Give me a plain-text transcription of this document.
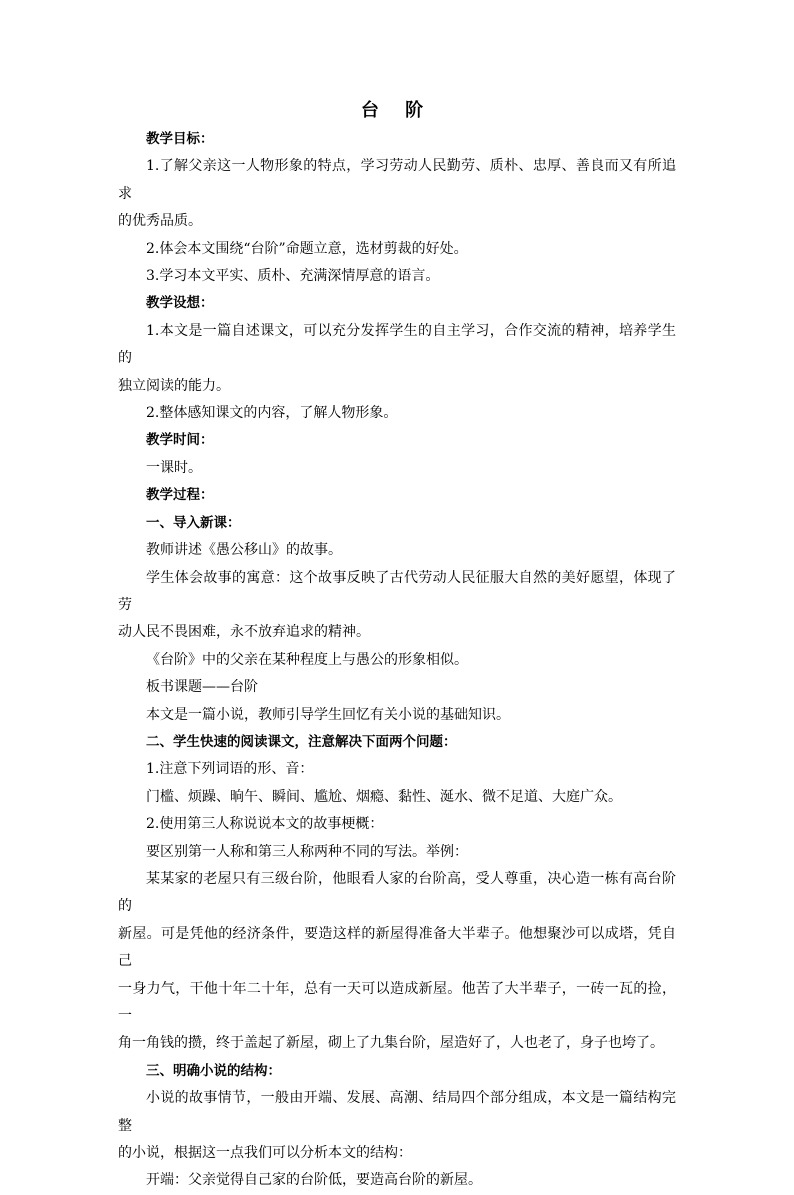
台 阶
教学目标：
1.了解父亲这一人物形象的特点，学习劳动人民勤劳、质朴、忠厚、善良而又有所追求
的优秀品质。
2.体会本文围绕“台阶”命题立意，选材剪裁的好处。
3.学习本文平实、质朴、充满深情厚意的语言。
教学设想：
1.本文是一篇自述课文，可以充分发挥学生的自主学习，合作交流的精神，培养学生的
独立阅读的能力。
2.整体感知课文的内容，了解人物形象。
教学时间：
一课时。
教学过程：
一、导入新课：
教师讲述《愚公移山》的故事。
学生体会故事的寓意：这个故事反映了古代劳动人民征服大自然的美好愿望，体现了劳
动人民不畏困难，永不放弃追求的精神。
《台阶》中的父亲在某种程度上与愚公的形象相似。
板书课题——台阶
本文是一篇小说，教师引导学生回忆有关小说的基础知识。
二、学生快速的阅读课文，注意解决下面两个问题：
1.注意下列词语的形、音：
门槛、烦躁、晌午、瞬间、尴尬、烟瘾、黏性、涎水、微不足道、大庭广众。
2.使用第三人称说说本文的故事梗概：
要区别第一人称和第三人称两种不同的写法。举例：
某某家的老屋只有三级台阶，他眼看人家的台阶高，受人尊重，决心造一栋有高台阶的
新屋。可是凭他的经济条件，要造这样的新屋得准备大半辈子。他想聚沙可以成塔，凭自己
一身力气，干他十年二十年，总有一天可以造成新屋。他苦了大半辈子，一砖一瓦的捡，一
角一角钱的攒，终于盖起了新屋，砌上了九集台阶，屋造好了，人也老了，身子也垮了。
三、明确小说的结构：
小说的故事情节，一般由开端、发展、高潮、结局四个部分组成，本文是一篇结构完整
的小说，根据这一点我们可以分析本文的结构：
开端：父亲觉得自己家的台阶低，要造高台阶的新屋。
